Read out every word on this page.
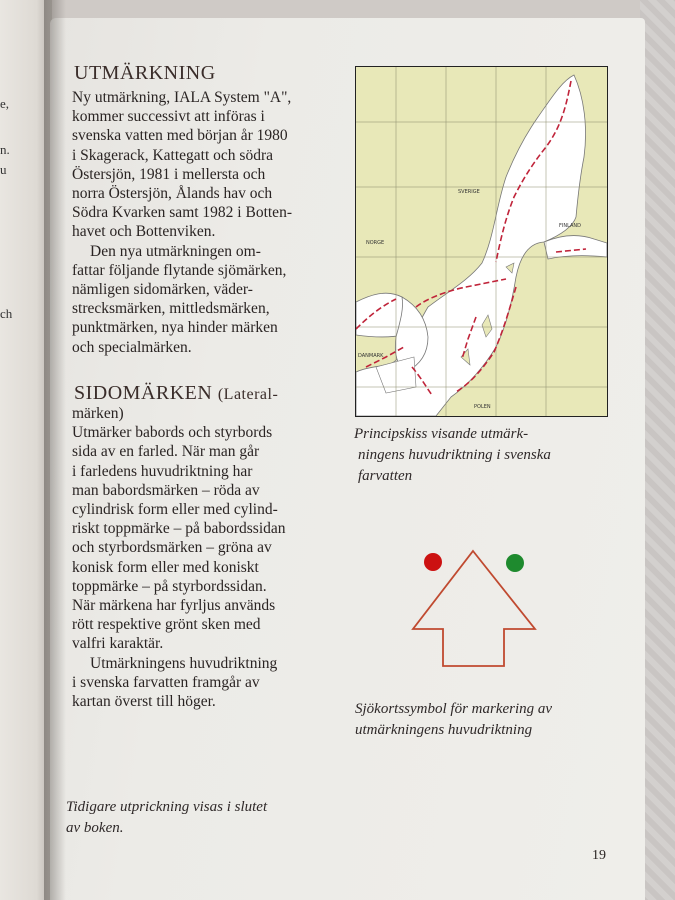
e,
n.
u
ch
UTMÄRKNING

Ny utmärkning, IALA System "A",

kommer successivt att införas i

svenska vatten med början år 1980

i Skagerack, Kattegatt och södra

Östersjön, 1981 i mellersta och

norra Östersjön, Ålands hav och

Södra Kvarken samt 1982 i Botten-

havet och Bottenviken.

Den nya utmärkningen om-

fattar följande flytande sjömärken,

nämligen sidomärken, väder-

strecksmärken, mittledsmärken,

punktmärken, nya hinder märken

och specialmärken.

SIDOMÄRKEN (Lateral-

märken)

Utmärker babords och styrbords

sida av en farled. När man går

i farledens huvudriktning har

man babordsmärken – röda av

cylindrisk form eller med cylind-

riskt toppmärke – på babordssidan

och styrbordsmärken – gröna av

konisk form eller med koniskt

toppmärke – på styrbordssidan.

När märkena har fyrljus används

rött respektive grönt sken med

valfri karaktär.

Utmärkningens huvudriktning

i svenska farvatten framgår av

kartan överst till höger.

SVERIGE
FINLAND
NORGE
DANMARK
POLEN
Principskiss visande utmärk-
ningens huvudriktning i svenska
farvatten
Sjökortssymbol för markering av
utmärkningens huvudriktning
Tidigare utprickning visas i slutet
av boken.
19
